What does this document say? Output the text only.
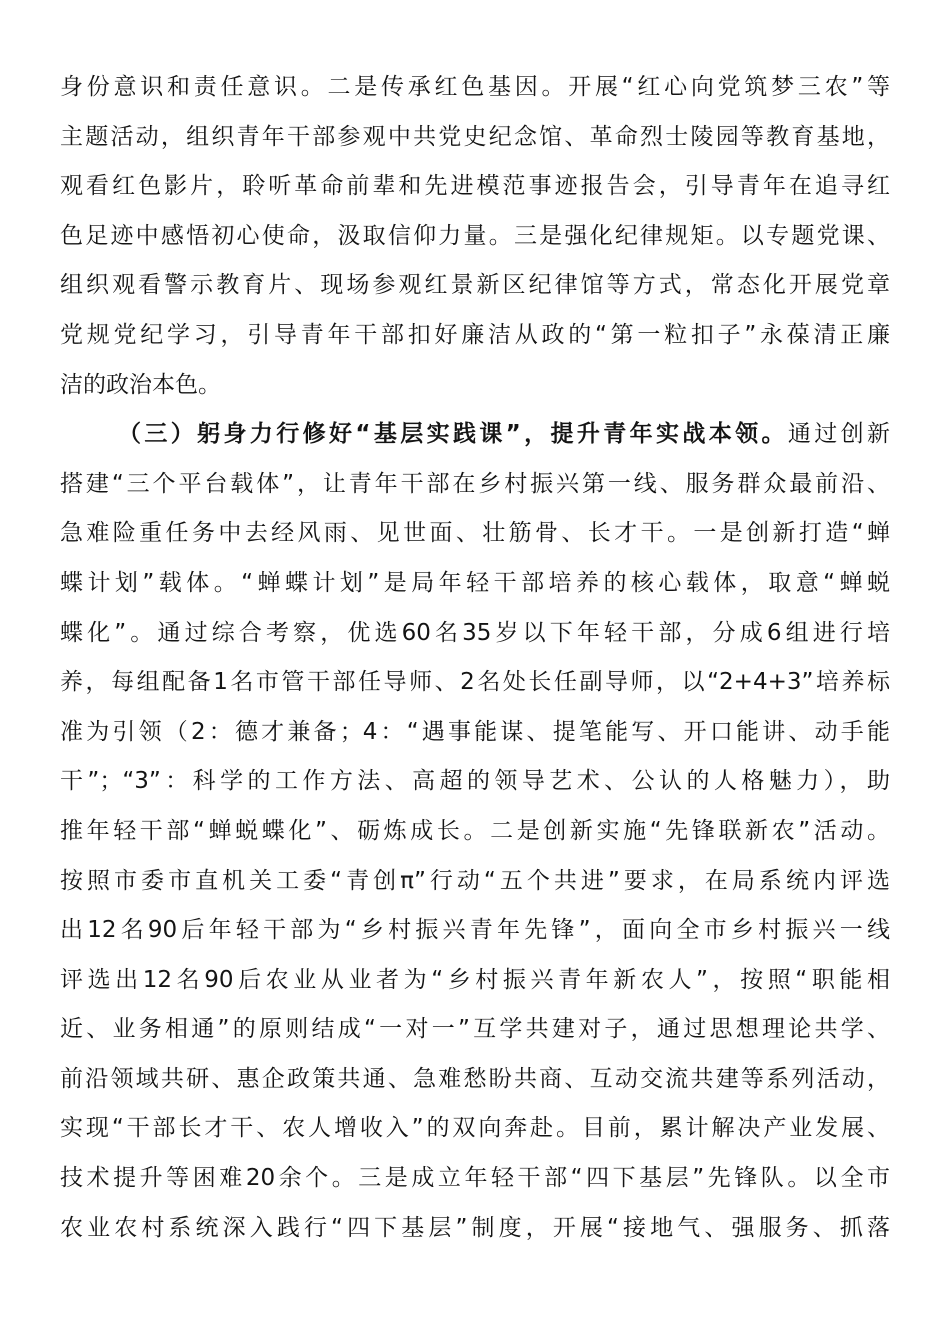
身份意识和责任意识。二是传承红色基因。开展“红心向党筑梦三农”等
主题活动，组织青年干部参观中共党史纪念馆、革命烈士陵园等教育基地，
观看红色影片，聆听革命前辈和先进模范事迹报告会，引导青年在追寻红
色足迹中感悟初心使命，汲取信仰力量。三是强化纪律规矩。以专题党课、
组织观看警示教育片、现场参观红景新区纪律馆等方式，常态化开展党章
党规党纪学习，引导青年干部扣好廉洁从政的“第一粒扣子”永葆清正廉
洁的政治本色。
（三）躬身力行修好“基层实践课”，提升青年实战本领。通过创新
搭建“三个平台载体”，让青年干部在乡村振兴第一线、服务群众最前沿、
急难险重任务中去经风雨、见世面、壮筋骨、长才干。一是创新打造“蝉
蝶计划”载体。“蝉蝶计划”是局年轻干部培养的核心载体，取意“蝉蜕
蝶化”。通过综合考察，优选60名35岁以下年轻干部，分成6组进行培
养，每组配备1名市管干部任导师、2名处长任副导师，以“2+4+3”培养标
准为引领（2：德才兼备；4：“遇事能谋、提笔能写、开口能讲、动手能
干”；“3”：科学的工作方法、高超的领导艺术、公认的人格魅力），助
推年轻干部“蝉蜕蝶化”、砺炼成长。二是创新实施“先锋联新农”活动。
按照市委市直机关工委“青创π”行动“五个共进”要求，在局系统内评选
出12名90后年轻干部为“乡村振兴青年先锋”，面向全市乡村振兴一线
评选出12名90后农业从业者为“乡村振兴青年新农人”，按照“职能相
近、业务相通”的原则结成“一对一”互学共建对子，通过思想理论共学、
前沿领域共研、惠企政策共通、急难愁盼共商、互动交流共建等系列活动，
实现“干部长才干、农人增收入”的双向奔赴。目前，累计解决产业发展、
技术提升等困难20余个。三是成立年轻干部“四下基层”先锋队。以全市
农业农村系统深入践行“四下基层”制度，开展“接地气、强服务、抓落
